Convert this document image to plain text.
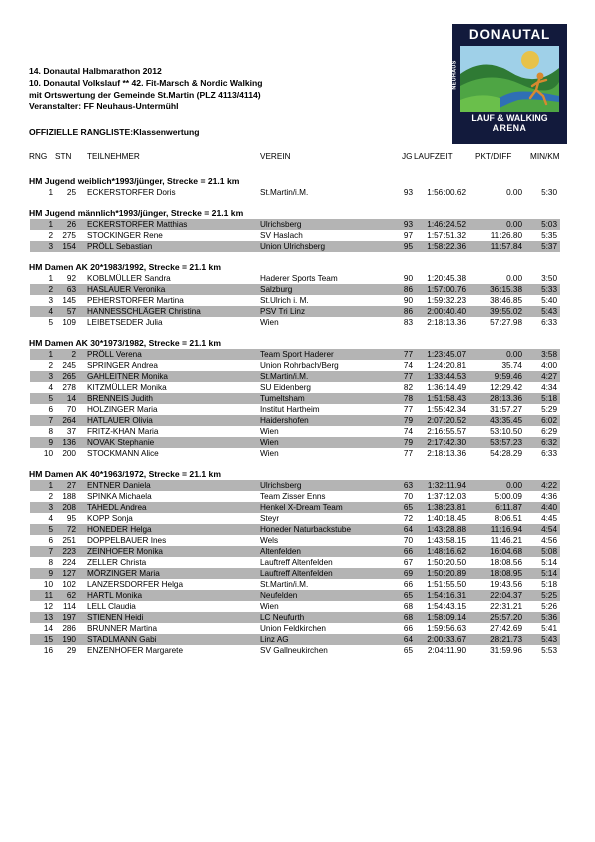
14. Donautal Halbmarathon 2012
10. Donautal Volkslauf ** 42. Fit-Marsch & Nordic Walking
mit Ortswertung der Gemeinde St.Martin (PLZ 4113/4114)
Veranstalter: FF Neuhaus-Untermühl
OFFIZIELLE RANGLISTE:Klassenwertung
DONAUTAL
NEUHAUS	UNTERMÜHL
LAUF & WALKING
ARENA
RNG STN TEILNEHMER	VEREIN	JG LAUFZEIT	PKT/DIFF MIN/KM
HM Jugend weiblich*1993/jünger, Strecke = 21.1 km
1	25 ECKERSTORFER Doris	St.Martin/i.M.	93	1:56:00.62	0.00	5:30
HM Jugend männlich*1993/jünger, Strecke = 21.1 km
1	26 ECKERSTORFER Matthias	Ulrichsberg	93	1:46:24.52	0.00	5:03
2	275 STOCKINGER Rene	SV Haslach	97	1:57:51.32	11:26.80	5:35
3	154 PRÖLL Sebastian	Union Ulrichsberg	95	1:58:22.36	11:57.84	5:37
HM Damen AK 20*1983/1992, Strecke = 21.1 km
1	92 KOBLMÜLLER Sandra	Haderer Sports Team	90	1:20:45.38	0.00	3:50
2	63 HASLAUER Veronika	Salzburg	86	1:57:00.76	36:15.38	5:33
3	145 PEHERSTORFER Martina	St.Ulrich i. M.	90	1:59:32.23	38:46.85	5:40
4	57 HANNESSCHLÄGER Christina	PSV Tri Linz	86	2:00:40.40	39:55.02	5:43
5	109 LEIBETSEDER Julia	Wien	83	2:18:13.36	57:27.98	6:33
HM Damen AK 30*1973/1982, Strecke = 21.1 km
1	2 PRÖLL Verena	Team Sport Haderer	77	1:23:45.07	0.00	3:58
2	245 SPRINGER Andrea	Union Rohrbach/Berg	74	1:24:20.81	35.74	4:00
3	265 GAHLEITNER Monika	St.Martin/i.M.	77	1:33:44.53	9:59.46	4:27
4	278 KITZMÜLLER Monika	SU Eidenberg	82	1:36:14.49	12:29.42	4:34
5	14 BRENNEIS Judith	Tumeltsham	78	1:51:58.43	28:13.36	5:18
6	70 HOLZINGER Maria	Institut Hartheim	77	1:55:42.34	31:57.27	5:29
7	264 HATLAUER Olivia	Haidershofen	79	2:07:20.52	43:35.45	6:02
8	37 FRITZ-KHAN Maria	Wien	74	2:16:55.57	53:10.50	6:29
9	136 NOVAK Stephanie	Wien	79	2:17:42.30	53:57.23	6:32
10	200 STOCKMANN Alice	Wien	77	2:18:13.36	54:28.29	6:33
HM Damen AK 40*1963/1972, Strecke = 21.1 km
1	27 ENTNER Daniela	Ulrichsberg	63	1:32:11.94	0.00	4:22
2	188 SPINKA Michaela	Team Zisser Enns	70	1:37:12.03	5:00.09	4:36
3	208 TAHEDL Andrea	Henkel X-Dream Team	65	1:38:23.81	6:11.87	4:40
4	95 KOPP Sonja	Steyr	72	1:40:18.45	8:06.51	4:45
5	72 HONEDER Helga	Honeder Naturbackstube	64	1:43:28.88	11:16.94	4:54
6	251 DOPPELBAUER Ines	Wels	70	1:43:58.15	11:46.21	4:56
7	223 ZEINHOFER Monika	Altenfelden	66	1:48:16.62	16:04.68	5:08
8	224 ZELLER Christa	Lauftreff Altenfelden	67	1:50:20.50	18:08.56	5:14
9	127 MÖRZINGER Maria	Lauftreff Altenfelden	69	1:50:20.89	18:08.95	5:14
10	102 LANZERSDORFER Helga	St.Martin/i.M.	66	1:51:55.50	19:43.56	5:18
11	62 HARTL Monika	Neufelden	65	1:54:16.31	22:04.37	5:25
12	114 LELL Claudia	Wien	68	1:54:43.15	22:31.21	5:26
13	197 STIENEN Heidi	LC Neufurth	68	1:58:09.14	25:57.20	5:36
14	286 BRUNNER Martina	Union Feldkirchen	66	1:59:56.63	27:42.69	5:41
15	190 STADLMANN Gabi	Linz AG	64	2:00:33.67	28:21.73	5:43
16	29 ENZENHOFER Margarete	SV Gallneukirchen	65	2:04:11.90	31:59.96	5:53
